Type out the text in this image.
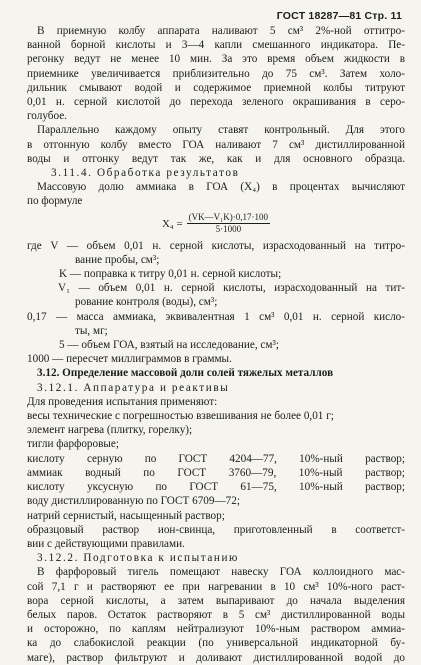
ГОСТ 18287—81 Стр. 11
В приемную колбу аппарата наливают 5 см³ 2%-ной оттитро-
ванной борной кислоты и 3—4 капли смешанного индикатора. Пе-
регонку ведут не менее 10 мин. За это время объем жидкости в
приемнике увеличивается приблизительно до 75 см³. Затем холо-
дильник смывают водой и содержимое приемной колбы титруют
0,01 н. серной кислотой до перехода зеленого окрашивания в серо-
голубое.
Параллельно каждому опыту ставят контрольный. Для этого
в отгонную колбу вместо ГОА наливают 7 см³ дистиллированной
воды и отгонку ведут так же, как и для основного образца.
3.11.4. Обработка результатов
Массовую долю аммиака в ГОА (X₄) в процентах вычисляют
по формуле
$X_4 = \frac{\text{(VK—V₁K)·0,17·100}}{5\cdot 1000}$
где V — объем 0,01 н. серной кислоты, израсходованный на титро-
вание пробы, см³;
K — поправка к титру 0,01 н. серной кислоты;
V₁ — объем 0,01 н. серной кислоты, израсходованный на тит-
рование контроля (воды), см³;
0,17 — масса аммиака, эквивалентная 1 см³ 0,01 н. серной кисло-
ты, мг;
5 — объем ГОА, взятый на исследование, см³;
1000 — пересчет миллиграммов в граммы.
3.12. Определение массовой доли солей тяжелых металлов
3.12.1. Аппаратура и реактивы
Для проведения испытания применяют:
весы технические с погрешностью взвешивания не более 0,01 г;
элемент нагрева (плитку, горелку);
тигли фарфоровые;
кислоту серную по ГОСТ 4204—77, 10%-ный раствор;
аммиак водный по ГОСТ 3760—79, 10%-ный раствор;
кислоту уксусную по ГОСТ 61—75, 10%-ный раствор;
воду дистиллированную по ГОСТ 6709—72;
натрий сернистый, насыщенный раствор;
образцовый раствор ион-свинца, приготовленный в соответст-
вии с действующими правилами.
3.12.2. Подготовка к испытанию
В фарфоровый тигель помещают навеску ГОА коллоидного мас-
сой 7,1 г и растворяют ее при нагревании в 10 см³ 10%-ного раст-
вора серной кислоты, а затем выпаривают до начала выделения
белых паров. Остаток растворяют в 5 см³ дистиллированной воды
и осторожно, по каплям нейтрализуют 10%-ным раствором аммиа-
ка до слабокислой реакции (по универсальной индикаторной бу-
маге), раствор фильтруют и доливают дистиллированной водой до
